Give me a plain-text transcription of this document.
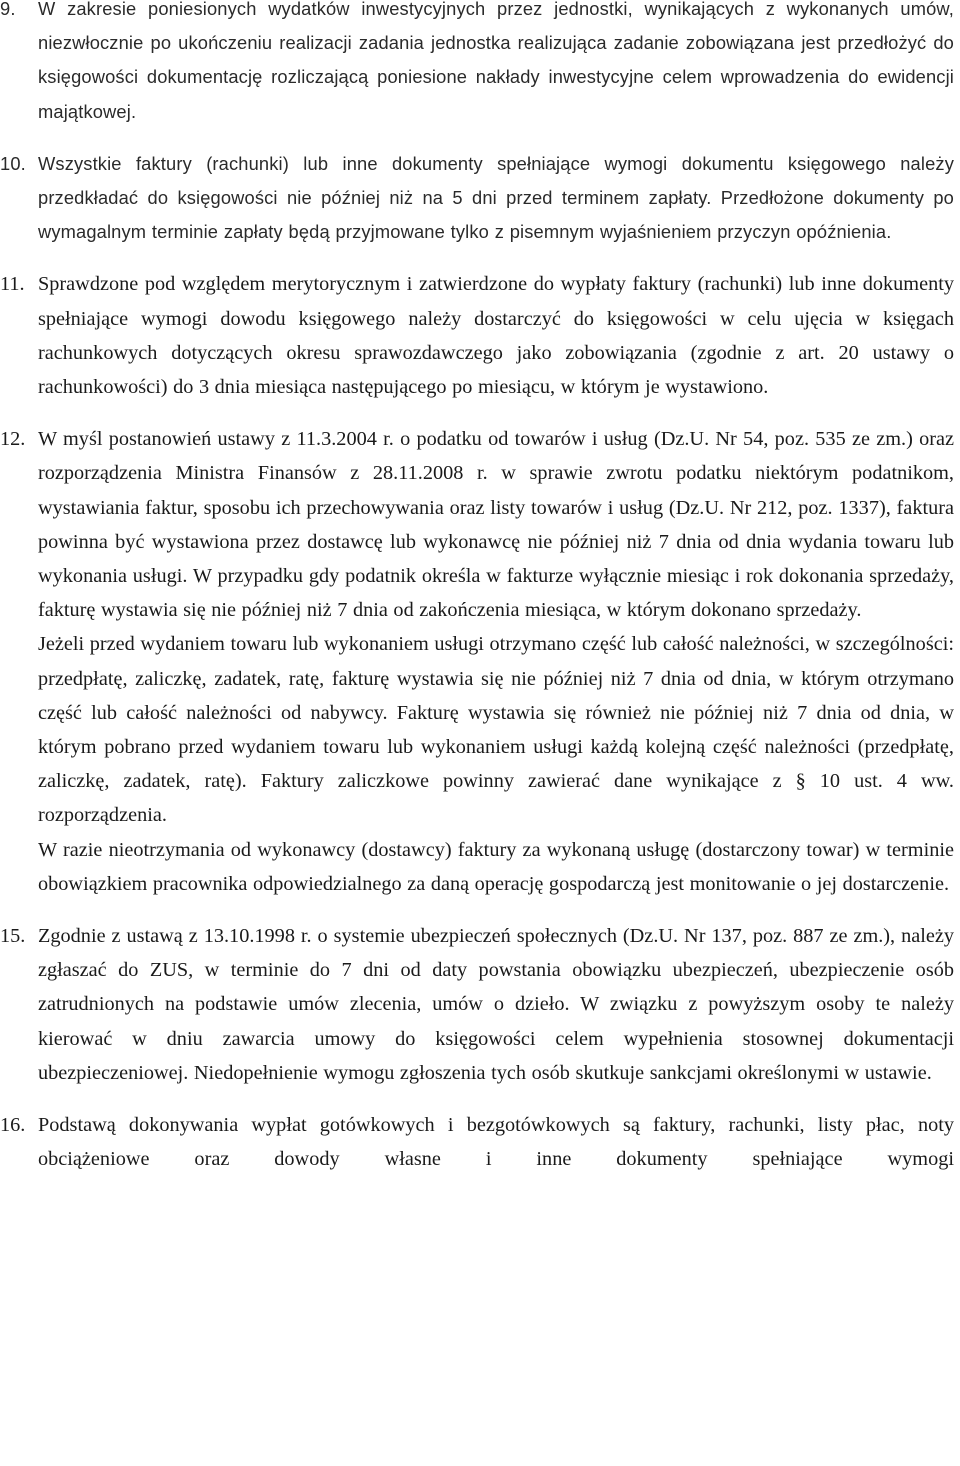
9.	W zakresie poniesionych wydatków inwestycyjnych przez jednostki, wynikających z wykonanych umów, niezwłocznie po ukończeniu realizacji zadania jednostka realizująca zadanie zobowiązana jest przedłożyć do księgowości dokumentację rozliczającą poniesione nakłady inwestycyjne celem wprowadzenia do ewidencji majątkowej.

10. Wszystkie faktury (rachunki) lub inne dokumenty spełniające wymogi dokumentu księgowego należy przedkładać do księgowości nie później niż na 5 dni przed terminem zapłaty. Przedłożone dokumenty po wymagalnym terminie zapłaty będą przyjmowane tylko z pisemnym wyjaśnieniem przyczyn opóźnienia.

11. Sprawdzone pod względem merytorycznym i zatwierdzone do wypłaty faktury (rachunki) lub inne dokumenty spełniające wymogi dowodu księgowego należy dostarczyć do księgowości w celu ujęcia w księgach rachunkowych dotyczących okresu sprawozdawczego jako zobowiązania (zgodnie z art. 20 ustawy o rachunkowości) do 3 dnia miesiąca następującego po miesiącu, w którym je wystawiono.

12. W myśl postanowień ustawy z 11.3.2004 r. o podatku od towarów i usług (Dz.U. Nr 54, poz. 535 ze zm.) oraz rozporządzenia Ministra Finansów z 28.11.2008 r. w sprawie zwrotu podatku niektórym podatnikom, wystawiania faktur, sposobu ich przechowywania oraz listy towarów i usług (Dz.U. Nr 212, poz. 1337), faktura powinna być wystawiona przez dostawcę lub wykonawcę nie później niż 7 dnia od dnia wydania towaru lub wykonania usługi. W przypadku gdy podatnik określa w fakturze wyłącznie miesiąc i rok dokonania sprzedaży, fakturę wystawia się nie później niż 7 dnia od zakończenia miesiąca, w którym dokonano sprzedaży.

Jeżeli przed wydaniem towaru lub wykonaniem usługi otrzymano część lub całość należności, w szczególności: przedpłatę, zaliczkę, zadatek, ratę, fakturę wystawia się nie później niż 7 dnia od dnia, w którym otrzymano część lub całość należności od nabywcy. Fakturę wystawia się również nie później niż 7 dnia od dnia, w którym pobrano przed wydaniem towaru lub wykonaniem usługi każdą kolejną część należności (przedpłatę, zaliczkę, zadatek, ratę). Faktury zaliczkowe powinny zawierać dane wynikające z § 10 ust. 4 ww. rozporządzenia.

W razie nieotrzymania od wykonawcy (dostawcy) faktury za wykonaną usługę (dostarczony towar) w terminie obowiązkiem pracownika odpowiedzialnego za daną operację gospodarczą jest monitowanie o jej dostarczenie.

15. Zgodnie z ustawą z 13.10.1998 r. o systemie ubezpieczeń społecznych (Dz.U. Nr 137, poz. 887 ze zm.), należy zgłaszać do ZUS, w terminie do 7 dni od daty powstania obowiązku ubezpieczeń, ubezpieczenie osób zatrudnionych na podstawie umów zlecenia, umów o dzieło. W związku z powyższym osoby te należy kierować w dniu zawarcia umowy do księgowości celem wypełnienia stosownej dokumentacji ubezpieczeniowej. Niedopełnienie wymogu zgłoszenia tych osób skutkuje sankcjami określonymi w ustawie.

16. Podstawą dokonywania wypłat gotówkowych i bezgotówkowych są faktury, rachunki, listy płac, noty obciążeniowe oraz dowody własne i inne dokumenty spełniające wymogi
